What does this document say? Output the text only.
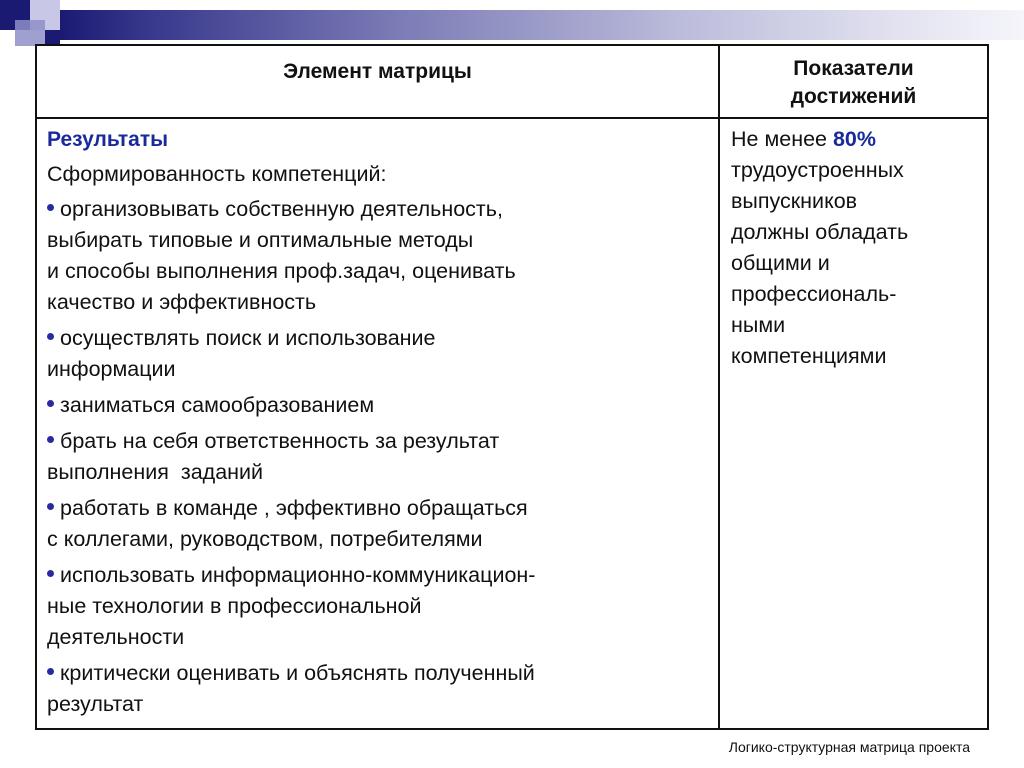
Элемент матрицы	Показатели
достижений
Результаты
Сформированность компетенций:
организовывать собственную деятельность,
выбирать типовые и оптимальные методы
и способы выполнения проф.задач, оценивать
качество и эффективность
осуществлять поиск и использование
информации
заниматься самообразованием
брать на себя ответственность за результат
выполнения  заданий
работать в команде , эффективно обращаться
с коллегами, руководством, потребителями
использовать информационно-коммуникацион-
ные технологии в профессиональной
деятельности
критически оценивать и объяснять полученный
результат
Не менее 80%
трудоустроенных
выпускников
должны обладать
общими и
профессиональ-
ными
компетенциями
Логико-структурная матрица проекта
